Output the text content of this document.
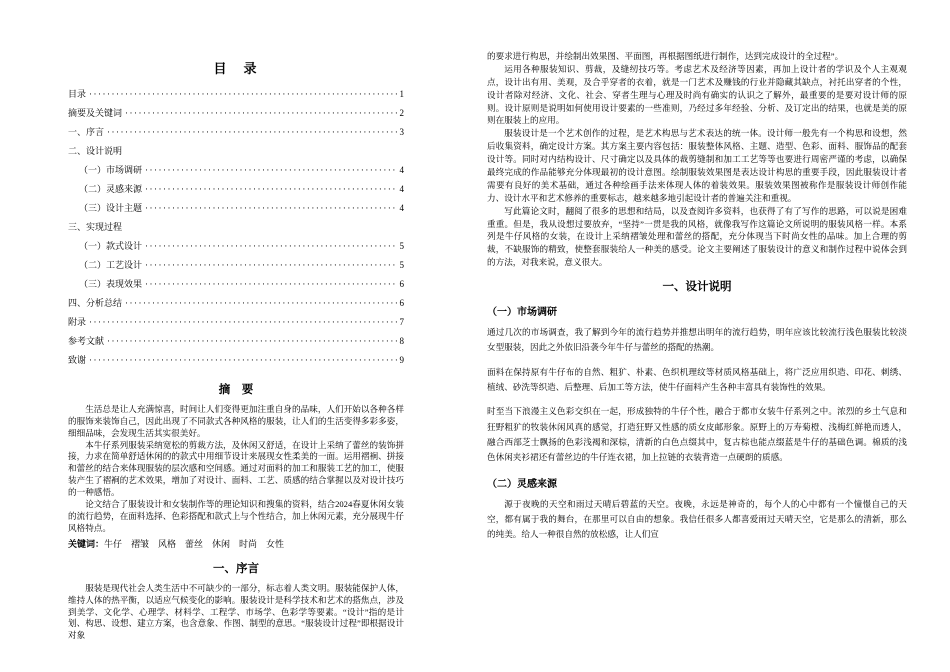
目　录
目录 ·····	1
摘要及关键词 ·····	2
一、序言 ·····	3
二、设计说明
（一）市场调研 ·····	4
（二）灵感来源 ·····	4
（三）设计主题 ·····	4
三、实现过程
（一）款式设计 ·····	5
（二）工艺设计 ·····	5
（三）表现效果 ·····	6
四、分析总结 ·····	6
附录 ·····	7
参考文献 ·····	8
致谢 ·····	9
摘　要

生活总是让人充满惊喜，时间让人们变得更加注重自身的品味，人们开始以各种各样的服饰来装饰自己，因此出现了不同款式各种风格的服装，让人们的生活变得多彩多姿，细细品味，会发现生活其实很美好。

本牛仔系列服装采纳宽松的剪裁方法，及休闲又舒适，在设计上采纳了蕾丝的装饰拼接，力求在简单舒适休闲的的款式中用细节设计来展现女性柔美的一面。运用褶裥、拼接和蕾丝的结合来体现服装的层次感和空间感。通过对面料的加工和服装工艺的加工，使服装产生了褶裥的艺术效果，增加了对设计、面料、工艺、质感的结合掌握以及对设计技巧的一种感悟。

论文结合了服装设计和女装制作等的理论知识和搜集的资料，结合2024春夏休闲女装的流行趋势，在面料选择、色彩搭配和款式上与个性结合，加上休闲元素，充分展现牛仔风格特点。

关键词：牛仔　褶皱　风格　蕾丝　休闲　时尚　女性

一、序言

服装是现代社会人类生活中不可缺少的一部分，标志着人类文明。服装能保护人体，维持人体的热平衡，以适应气候变化的影响。服装设计是科学技术和艺术的搭焦点，涉及到美学、文化学、心理学、材料学、工程学、市场学、色彩学等要素。“设计”指的是计划、构思、设想、建立方案，也含意象、作图、制型的意思。“服装设计过程”即根据设计对象

的要求进行构思，并绘制出效果图、平面图，再根据图纸进行制作，达到完成设计的全过程”。

运用各种服装知识、剪裁，及缝纫技巧等。考虑艺术及经济等因素，再加上设计者的学识及个人主观观点，设计出有用、美观，及合乎穿者的衣着，就是一门艺术及赚钱的行业并隐藏其缺点，衬托出穿者的个性，设计者除对经济、文化、社会、穿者生理与心理及时尚有确实的认识之了解外，最重要的是要对设计师的原则。设计原则是说明如何使用设计要素的一些准则，乃经过多年经验、分析、及订定出的结果，也就是美的原则在服装上的应用。

服装设计是一个艺术创作的过程，是艺术构思与艺术表达的统一体。设计师一般先有一个构思和设想，然后收集资料，确定设计方案。其方案主要内容包括：服装整体风格、主题、造型、色彩、面料、服饰品的配套设计等。同时对内结构设计、尺寸确定以及具体的裁剪缝制和加工工艺等等也要进行周密严谨的考虑，以确保最终完成的作品能够充分体现最初的设计意图。绘制服装效果图是表达设计构思的重要手段，因此服装设计者需要有良好的美术基础，通过各种绘画手法来体现人体的着装效果。服装效果图被称作是服装设计师创作能力、设计水平和艺术修养的重要标志，越来越多地引起设计者的普遍关注和重视。

写此篇论文时，翻阅了很多的思想和结局，以及查阅许多资料，也获得了有了写作的思路，可以说是困难重重。但是，我从设想过要放弃，“坚持”一贯是我的风格，就像我写作这篇论文所说明的服装风格一样。本系列是牛仔风格的女装，在设计上采纳褶皱处理和蕾丝的搭配，充分体现当下时尚女性的品味。加上合理的剪裁，不缺服饰的精致，使整套服装给人一种美的感受。论文主要阐述了服装设计的意义和制作过程中说体会到的方法，对我来说，意义很大。

一、设计说明
（一）市场调研

通过几次的市场调查，我了解到今年的流行趋势并推想出明年的流行趋势，明年应该比较流行浅色服装比较淡女型服装，因此之外依旧沿袭今年牛仔与蕾丝的搭配的热潮。

面料在保持原有牛仔布的自然、粗犷、朴素、色织机理纹等材质风格基础上，将广泛应用织造、印花、刺绣、植绒、砂洗等织造、后整理、后加工等方法，使牛仔面料产生各种丰富具有装饰性的效果。

时至当下浪漫主义色彩交织在一起，形成独特的牛仔个性，融合于都市女装牛仔系列之中。浓烈的乡土气息和狂野粗犷的牧装休闲风真的感觉，打造狂野又性感的质女皮邮形象。原野上的万寿菊橙、浅梅红鲜艳而透人，融合西部芝士飘扬的色彩浅褐和深棕，清新的白色点缀其中，复古棕也能点缀蓝是牛仔的基础色调。棉质的浅色休闲夹衫裙还有蕾丝边的牛仔连衣裙，加上拉链的衣装背造一点硬朗的质感。

（二）灵感来源

源于夜晚的天空和雨过天晴后碧蓝的天空。夜晚，永远是神奇的，每个人的心中都有一个憧憬自己的天空，都有属于我的舞台，在那里可以自由的想象。我信任很多人都喜爱雨过天晴天空，它是那么的清新，那么的纯美。给人一种很自然的放松感，让人们宣
